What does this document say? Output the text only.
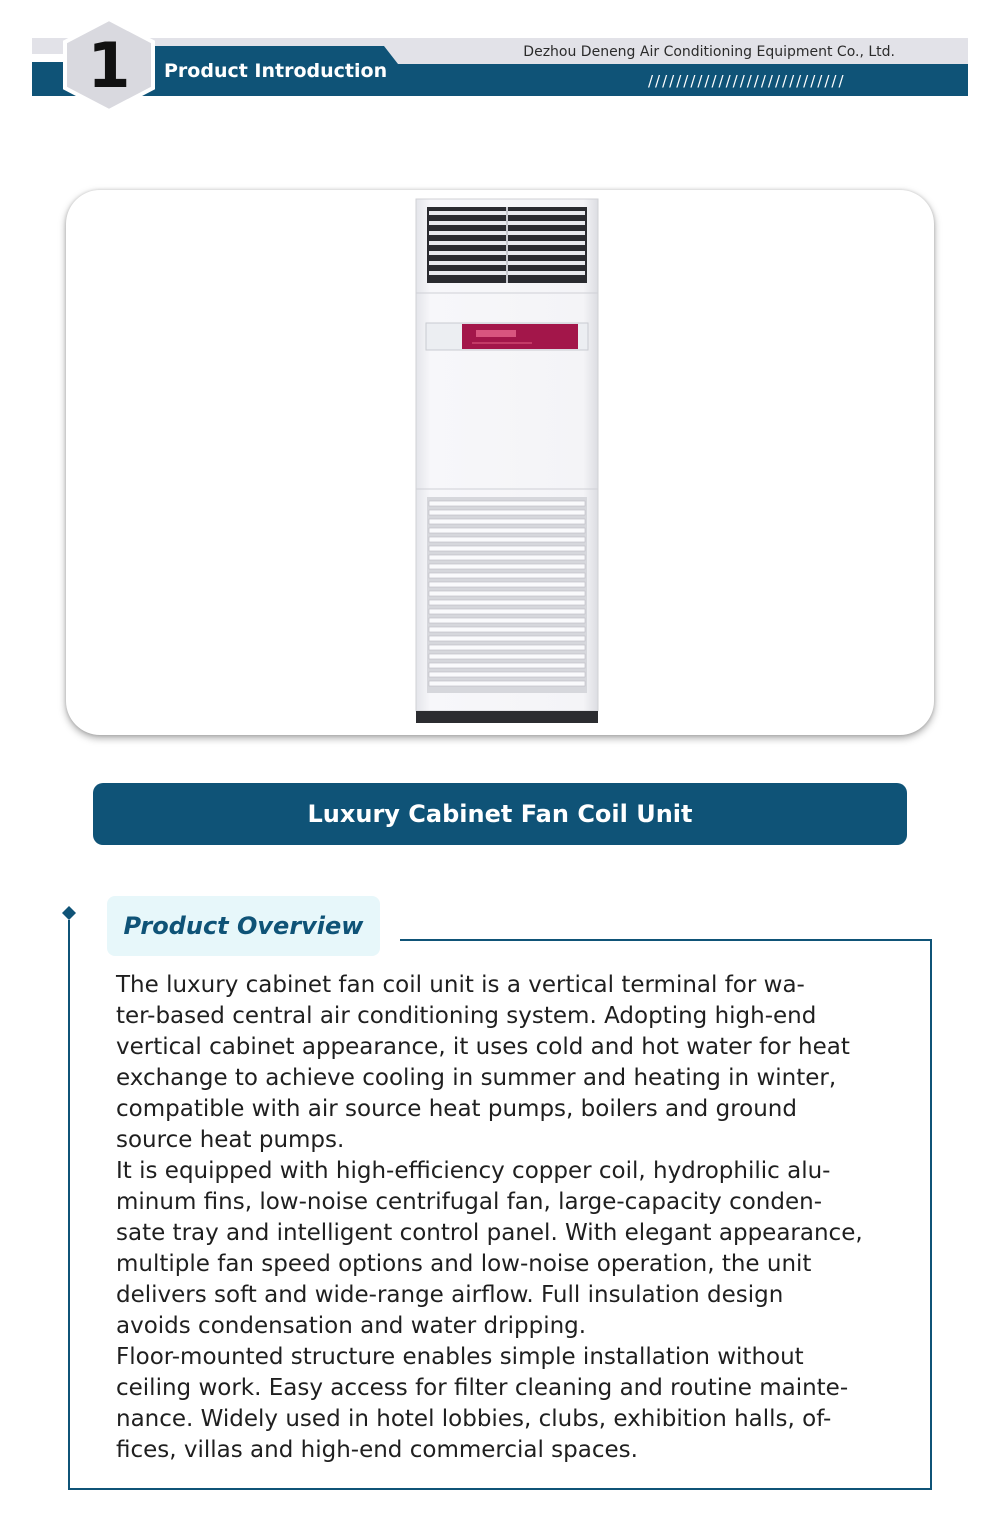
1	Product Introduction
Dezhou Deneng Air Conditioning Equipment Co., Ltd.
////////////////////////////
Luxury Cabinet Fan Coil Unit
Product Overview
The luxury cabinet fan coil unit is a vertical terminal for wa-
ter-based central air conditioning system. Adopting high-end
vertical cabinet appearance, it uses cold and hot water for heat
exchange to achieve cooling in summer and heating in winter,
compatible with air source heat pumps, boilers and ground
source heat pumps.
It is equipped with high-efficiency copper coil, hydrophilic alu-
minum fins, low-noise centrifugal fan, large-capacity conden-
sate tray and intelligent control panel. With elegant appearance,
multiple fan speed options and low-noise operation, the unit
delivers soft and wide-range airflow. Full insulation design
avoids condensation and water dripping.
Floor-mounted structure enables simple installation without
ceiling work. Easy access for filter cleaning and routine mainte-
nance. Widely used in hotel lobbies, clubs, exhibition halls, of-
fices, villas and high-end commercial spaces.
